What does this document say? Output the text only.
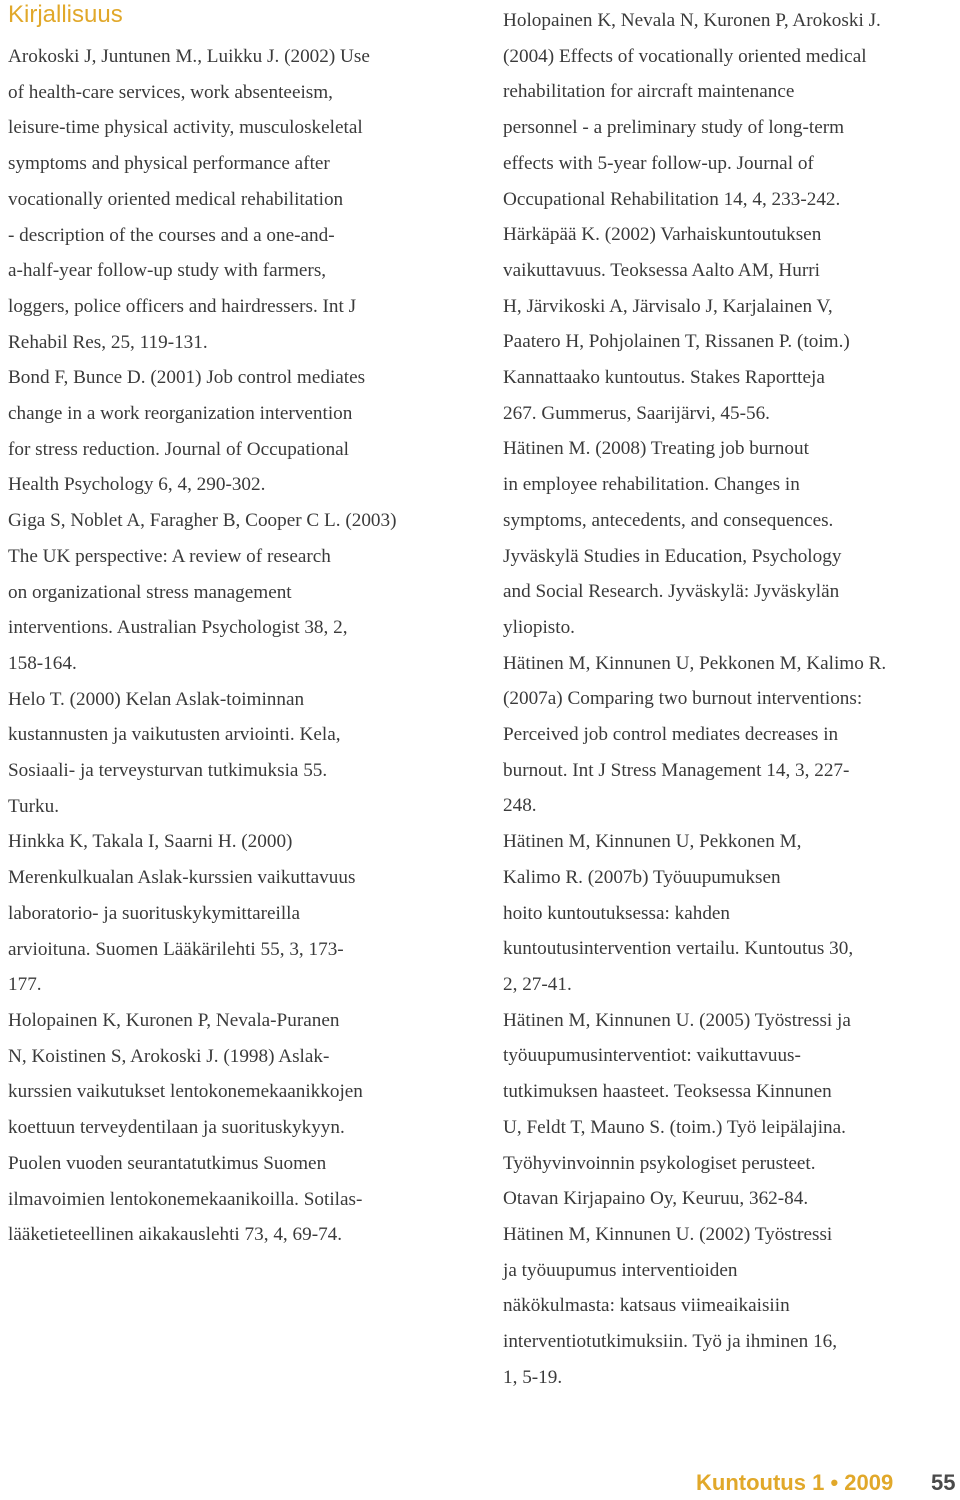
Kirjallisuus

Arokoski J, Juntunen M., Luikku J. (2002) Use
of health-care services, work absenteeism,
leisure-time physical activity, musculoskeletal
symptoms and physical performance after
vocationally oriented medical rehabilitation
- description of the courses and a one-and-
a-half-year follow-up study with farmers,
loggers, police officers and hairdressers. Int J
Rehabil Res, 25, 119-131.

Bond F, Bunce D. (2001) Job control mediates
change in a work reorganization intervention
for stress reduction. Journal of Occupational
Health Psychology 6, 4, 290-302.

Giga S, Noblet A, Faragher B, Cooper C L. (2003)
The UK perspective: A review of research
on organizational stress management
interventions. Australian Psychologist 38, 2,
158-164.

Helo T. (2000) Kelan Aslak-toiminnan
kustannusten ja vaikutusten arviointi. Kela,
Sosiaali- ja terveysturvan tutkimuksia 55.
Turku.

Hinkka K, Takala I, Saarni H. (2000)
Merenkulkualan Aslak-kurssien vaikuttavuus
laboratorio- ja suorituskykymittareilla
arvioituna. Suomen Lääkärilehti 55, 3, 173-
177.

Holopainen K, Kuronen P, Nevala-Puranen
N, Koistinen S, Arokoski J. (1998) Aslak-
kurssien vaikutukset lentokonemekaanikkojen
koettuun terveydentilaan ja suorituskykyyn.
Puolen vuoden seurantatutkimus Suomen
ilmavoimien lentokonemekaanikoilla. Sotilas-
lääketieteellinen aikakauslehti 73, 4, 69-74.

Holopainen K, Nevala N, Kuronen P, Arokoski J.
(2004) Effects of vocationally oriented medical
rehabilitation for aircraft maintenance
personnel - a preliminary study of long-term
effects with 5-year follow-up. Journal of
Occupational Rehabilitation 14, 4, 233-242.

Härkäpää K. (2002) Varhaiskuntoutuksen
vaikuttavuus. Teoksessa Aalto AM, Hurri
H, Järvikoski A, Järvisalo J, Karjalainen V,
Paatero H, Pohjolainen T, Rissanen P. (toim.)
Kannattaako kuntoutus. Stakes Raportteja
267. Gummerus, Saarijärvi, 45-56.

Hätinen M. (2008) Treating job burnout
in employee rehabilitation. Changes in
symptoms, antecedents, and consequences.
Jyväskylä Studies in Education, Psychology
and Social Research. Jyväskylä: Jyväskylän
yliopisto.

Hätinen M, Kinnunen U, Pekkonen M, Kalimo R.
(2007a) Comparing two burnout interventions:
Perceived job control mediates decreases in
burnout. Int J Stress Management 14, 3, 227-
248.

Hätinen M, Kinnunen U, Pekkonen M,
Kalimo R. (2007b) Työuupumuksen
hoito kuntoutuksessa: kahden
kuntoutusintervention vertailu. Kuntoutus 30,
2, 27-41.

Hätinen M, Kinnunen U. (2005) Työstressi ja
työuupumusinterventiot: vaikuttavuus-
tutkimuksen haasteet. Teoksessa Kinnunen
U, Feldt T, Mauno S. (toim.) Työ leipälajina.
Työhyvinvoinnin psykologiset perusteet.
Otavan Kirjapaino Oy, Keuruu, 362-84.

Hätinen M, Kinnunen U. (2002) Työstressi
ja työuupumus interventioiden
näkökulmasta: katsaus viimeaikaisiin
interventiotutkimuksiin. Työ ja ihminen 16,
1, 5-19.

Kuntoutus 1 • 2009 55
